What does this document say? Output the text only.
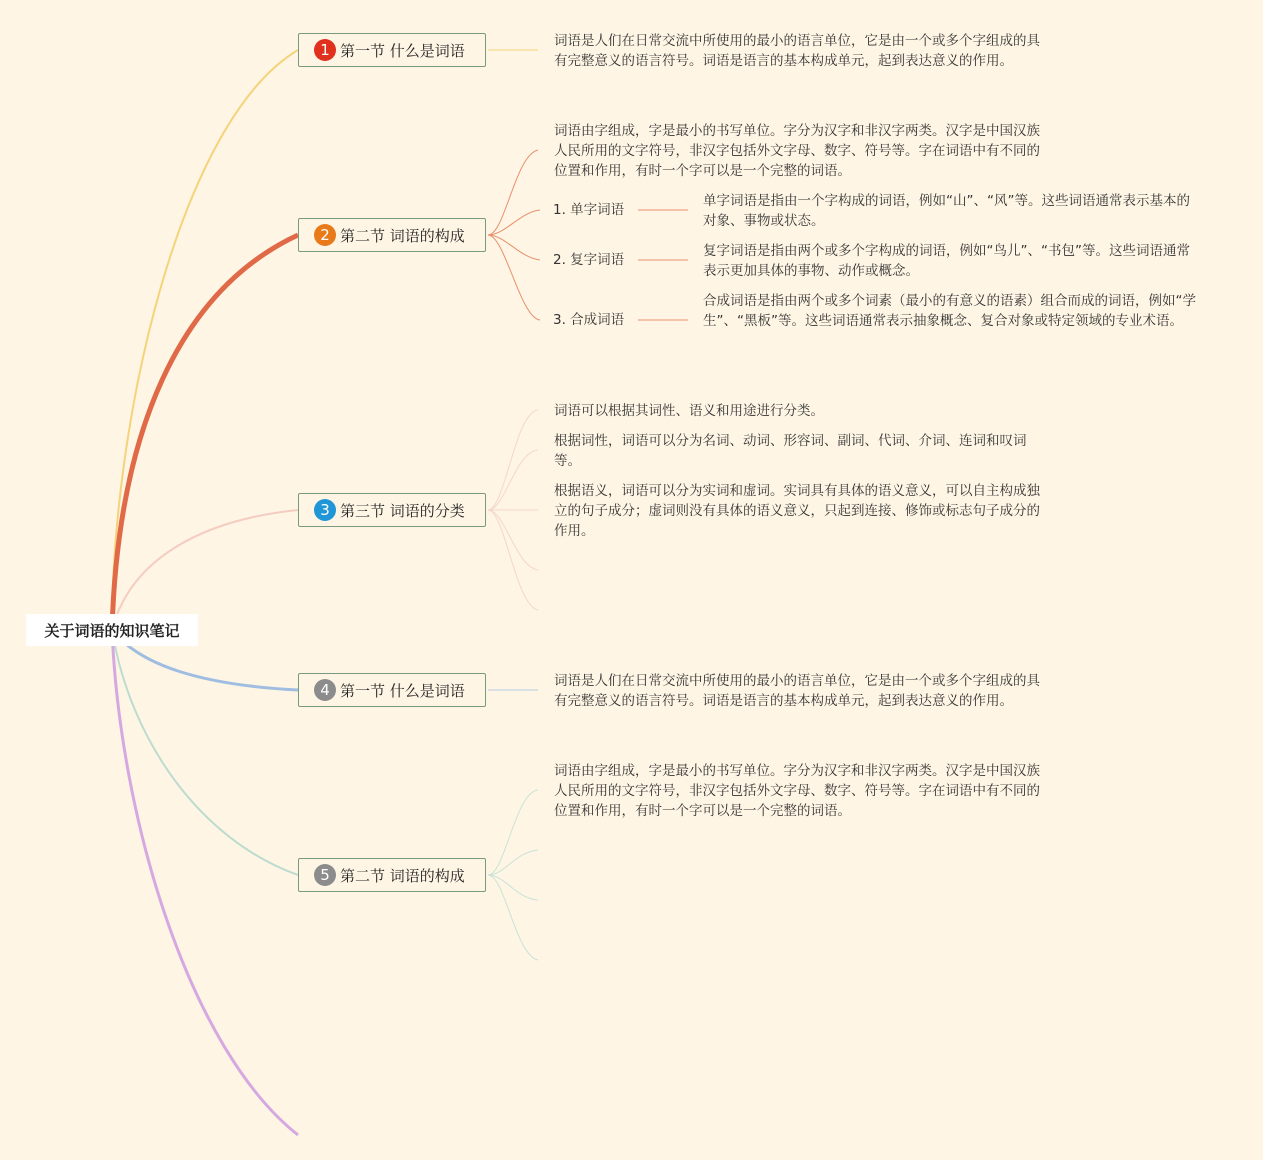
关于词语的知识笔记
1 第一节 什么是词语
词语是人们在日常交流中所使用的最小的语言单位，它是由一个或多个字组成的具有完整意义的语言符号。词语是语言的基本构成单元，起到表达意义的作用。
2 第二节 词语的构成
词语由字组成，字是最小的书写单位。字分为汉字和非汉字两类。汉字是中国汉族人民所用的文字符号，非汉字包括外文字母、数字、符号等。字在词语中有不同的位置和作用，有时一个字可以是一个完整的词语。
1. 单字词语
单字词语是指由一个字构成的词语，例如“山”、“风”等。这些词语通常表示基本的对象、事物或状态。
2. 复字词语
复字词语是指由两个或多个字构成的词语，例如“鸟儿”、“书包”等。这些词语通常表示更加具体的事物、动作或概念。
3. 合成词语
合成词语是指由两个或多个词素（最小的有意义的语素）组合而成的词语，例如“学生”、“黑板”等。这些词语通常表示抽象概念、复合对象或特定领域的专业术语。
3 第三节 词语的分类
词语可以根据其词性、语义和用途进行分类。
根据词性，词语可以分为名词、动词、形容词、副词、代词、介词、连词和叹词等。
根据语义，词语可以分为实词和虚词。实词具有具体的语义意义，可以自主构成独立的句子成分；虚词则没有具体的语义意义，只起到连接、修饰或标志句子成分的作用。
4 第一节 什么是词语
词语是人们在日常交流中所使用的最小的语言单位，它是由一个或多个字组成的具有完整意义的语言符号。词语是语言的基本构成单元，起到表达意义的作用。
5 第二节 词语的构成
词语由字组成，字是最小的书写单位。字分为汉字和非汉字两类。汉字是中国汉族人民所用的文字符号，非汉字包括外文字母、数字、符号等。字在词语中有不同的位置和作用，有时一个字可以是一个完整的词语。
